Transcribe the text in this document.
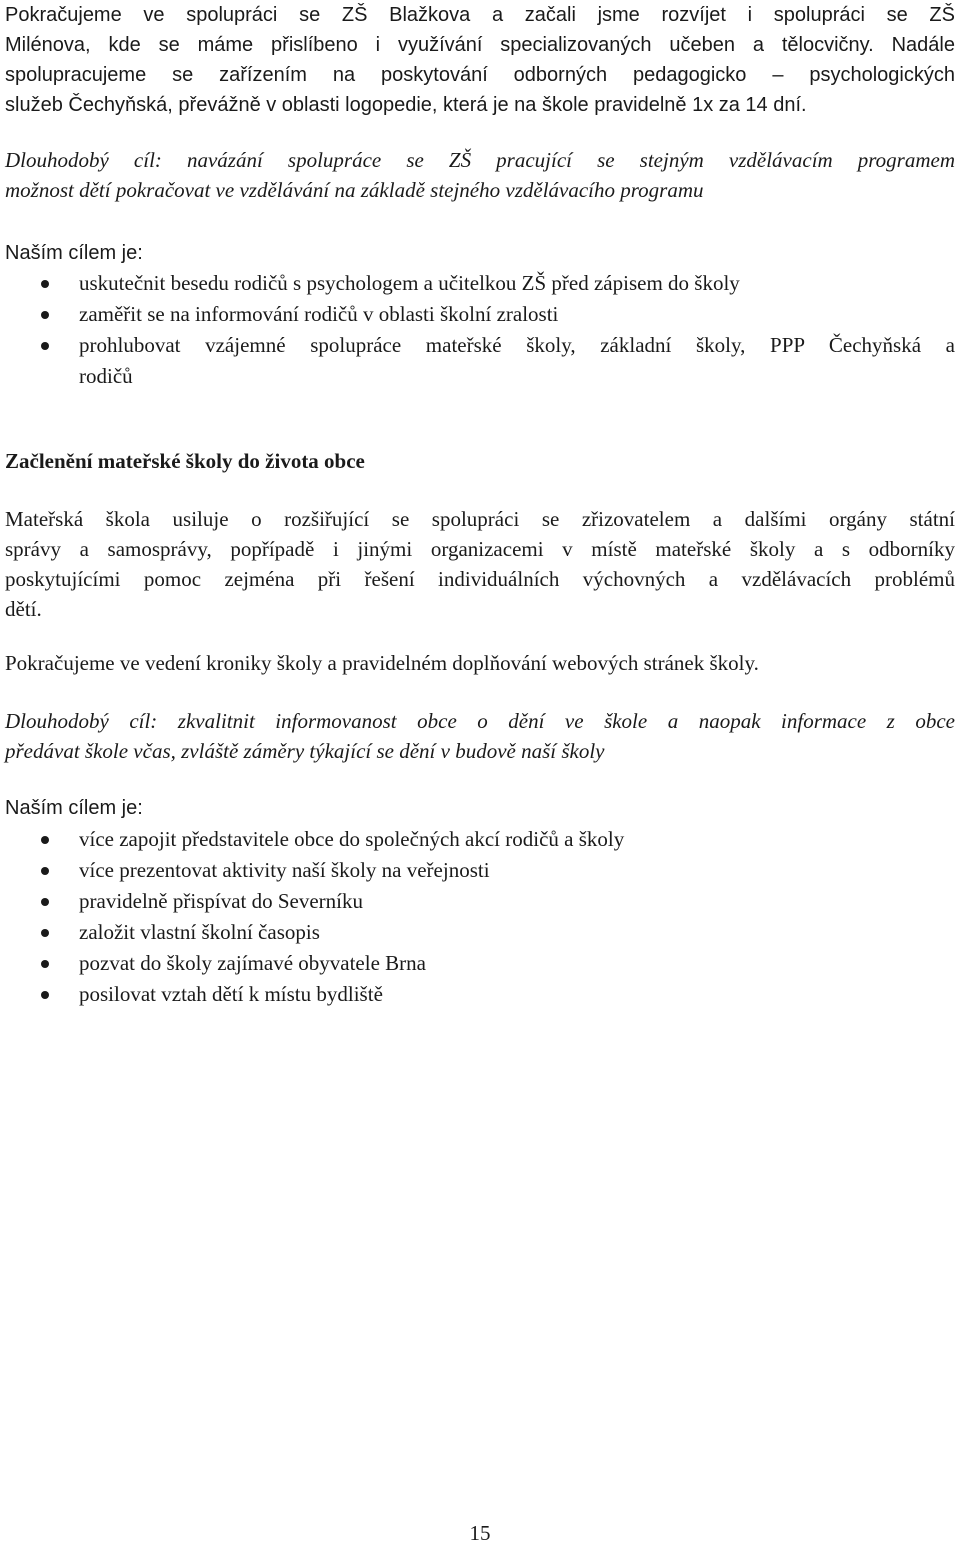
Pokračujeme ve spolupráci se ZŠ Blažkova a začali jsme rozvíjet i spolupráci se ZŠ
Milénova, kde se máme přislíbeno i využívání specializovaných učeben a tělocvičny. Nadále
spolupracujeme se zařízením na poskytování odborných pedagogicko – psychologických
služeb Čechyňská, převážně v oblasti logopedie, která je na škole pravidelně 1x za 14 dní.
Dlouhodobý cíl: navázání spolupráce se ZŠ pracující se stejným vzdělávacím programem
možnost dětí pokračovat ve vzdělávání na základě stejného vzdělávacího programu
Naším cílem je:
uskutečnit besedu rodičů s psychologem a učitelkou ZŠ před zápisem do školy
zaměřit se na informování rodičů v oblasti školní zralosti
prohlubovat vzájemné spolupráce mateřské školy, základní školy, PPP Čechyňská a
rodičů
Začlenění mateřské školy do života obce
Mateřská škola usiluje o rozšiřující se spolupráci se zřizovatelem a dalšími orgány státní
správy a samosprávy, popřípadě i jinými organizacemi v místě mateřské školy a s odborníky
poskytujícími pomoc zejména při řešení individuálních výchovných a vzdělávacích problémů
dětí.
Pokračujeme ve vedení kroniky školy a pravidelném doplňování webových stránek školy.
Dlouhodobý cíl: zkvalitnit informovanost obce o dění ve škole a naopak informace z obce
předávat škole včas, zvláště záměry týkající se dění v budově naší školy
Naším cílem je:
více zapojit představitele obce do společných akcí rodičů a školy
více prezentovat aktivity naší školy na veřejnosti
pravidelně přispívat do Severníku
založit vlastní školní časopis
pozvat do školy zajímavé obyvatele Brna
posilovat vztah dětí k místu bydliště
15
